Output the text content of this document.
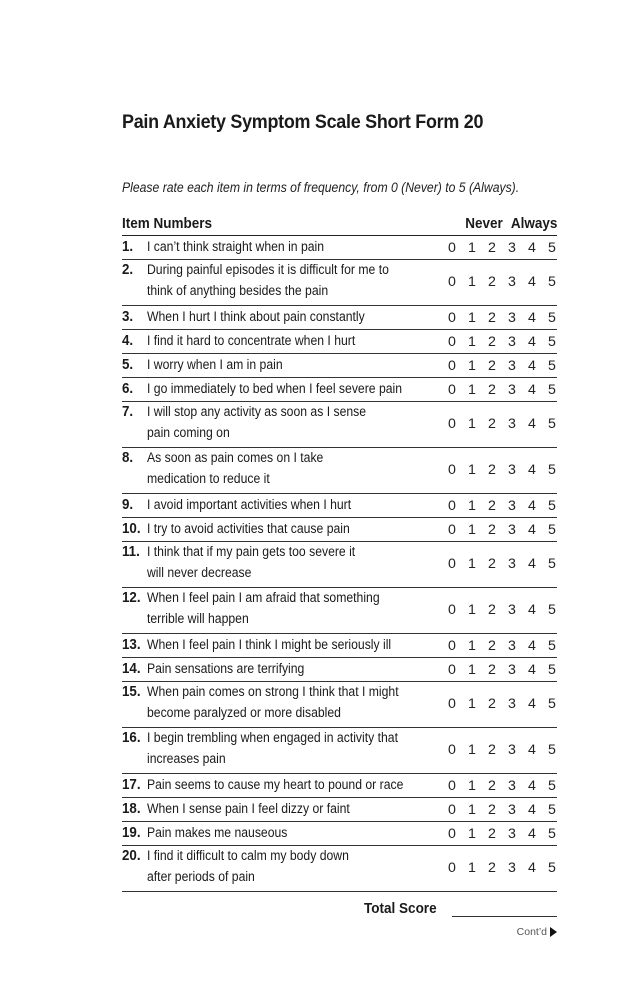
Pain Anxiety Symptom Scale Short Form 20
Please rate each item in terms of frequency, from 0 (Never) to 5 (Always).
Item Numbers	Never Always
1. I can’t think straight when in pain	0 1 2 3 4 5
2. During painful episodes it is difficult for me to
think of anything besides the pain
0 1 2 3 4 5
3. When I hurt I think about pain constantly	0 1 2 3 4 5
4. I find it hard to concentrate when I hurt	0 1 2 3 4 5
5. I worry when I am in pain	0 1 2 3 4 5
6. I go immediately to bed when I feel severe pain	0 1 2 3 4 5
7. I will stop any activity as soon as I sense
pain coming on
0 1 2 3 4 5
8. As soon as pain comes on I take
medication to reduce it
0 1 2 3 4 5
9. I avoid important activities when I hurt	0 1 2 3 4 5
10. I try to avoid activities that cause pain	0 1 2 3 4 5
11. I think that if my pain gets too severe it
will never decrease
0 1 2 3 4 5
12. When I feel pain I am afraid that something
terrible will happen
0 1 2 3 4 5
13. When I feel pain I think I might be seriously ill	0 1 2 3 4 5
14. Pain sensations are terrifying	0 1 2 3 4 5
15. When pain comes on strong I think that I might
become paralyzed or more disabled
0 1 2 3 4 5
16. I begin trembling when engaged in activity that
increases pain
0 1 2 3 4 5
17. Pain seems to cause my heart to pound or race	0 1 2 3 4 5
18. When I sense pain I feel dizzy or faint	0 1 2 3 4 5
19. Pain makes me nauseous	0 1 2 3 4 5
20. I find it difficult to calm my body down
after periods of pain
0 1 2 3 4 5
Total Score
Cont’d
